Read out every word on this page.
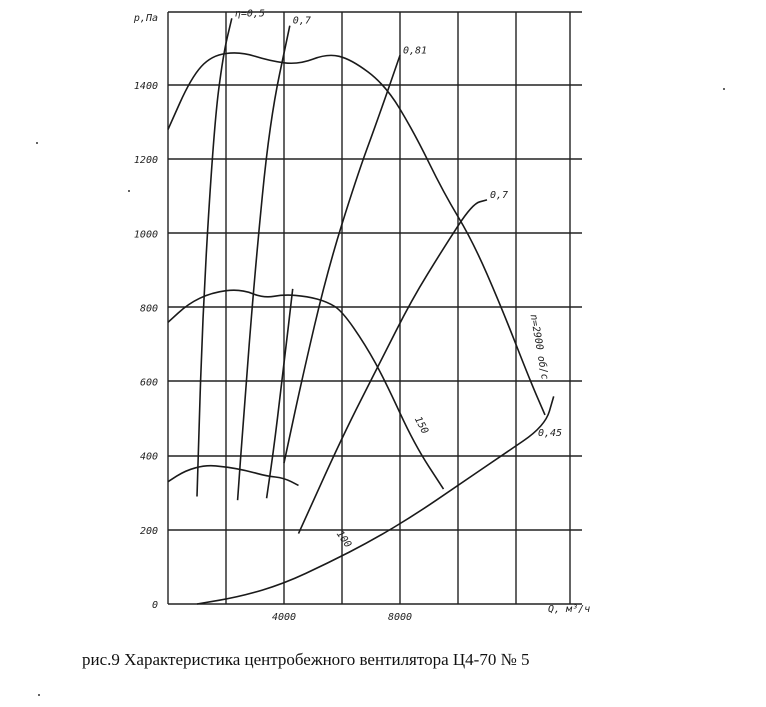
0
200
400
600
800
1000
1200
1400
p,Па
4000	8000
Q, м³/ч
η=0,5
0,7
0,81
0,7
0,45
n=2900 об/с
150
100
рис.9 Характеристика центробежного вентилятора Ц4-70 № 5
